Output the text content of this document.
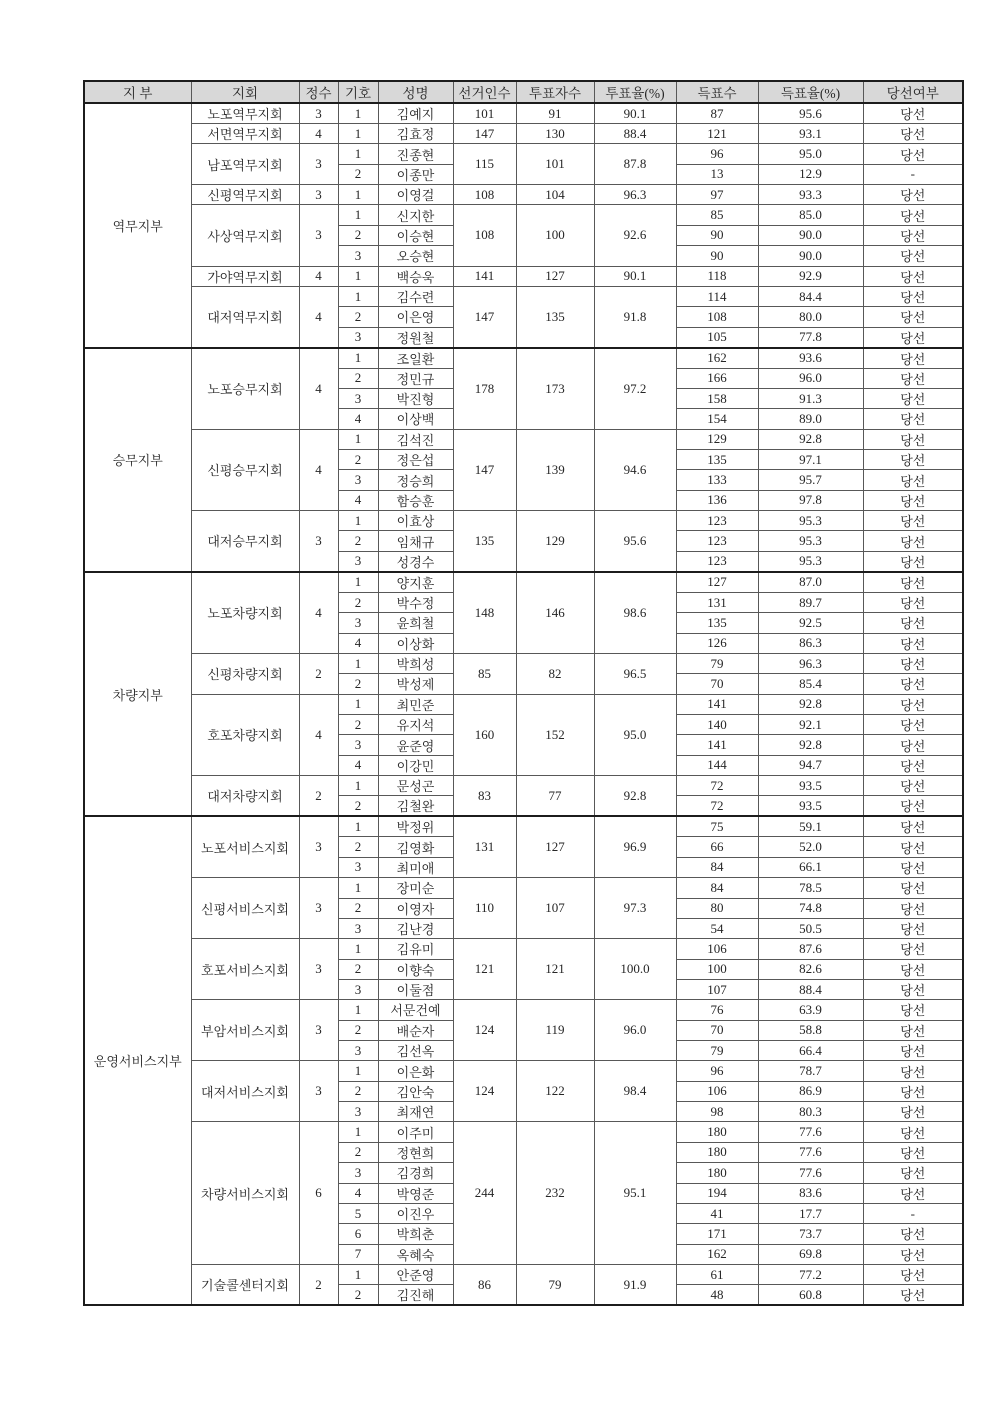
지 부	지회	정수	기호	성명	선거인수	투표자수	투표율(%)	득표수	득표율(%)	당선여부
역무지부	노포역무지회	3	1	김예지	101	91	90.1	87	95.6	당선
	서면역무지회	4	1	김효정	147	130	88.4	121	93.1	당선
	남포역무지회	3	1	진종현	115	101	87.8	96	95.0	당선
			2	이종만				13	12.9	-
	신평역무지회	3	1	이영걸	108	104	96.3	97	93.3	당선
	사상역무지회	3	1	신지한	108	100	92.6	85	85.0	당선
			2	이승현				90	90.0	당선
			3	오승현				90	90.0	당선
	가야역무지회	4	1	백승욱	141	127	90.1	118	92.9	당선
	대저역무지회	4	1	김수련	147	135	91.8	114	84.4	당선
			2	이은영				108	80.0	당선
			3	정원철				105	77.8	당선
승무지부	노포승무지회	4	1	조일환	178	173	97.2	162	93.6	당선
			2	정민규				166	96.0	당선
			3	박진형				158	91.3	당선
			4	이상백				154	89.0	당선
	신평승무지회	4	1	김석진	147	139	94.6	129	92.8	당선
			2	정은섭				135	97.1	당선
			3	정승희				133	95.7	당선
			4	함승훈				136	97.8	당선
	대저승무지회	3	1	이효상	135	129	95.6	123	95.3	당선
			2	임채규				123	95.3	당선
			3	성경수				123	95.3	당선
차량지부	노포차량지회	4	1	양지훈	148	146	98.6	127	87.0	당선
			2	박수정				131	89.7	당선
			3	윤희철				135	92.5	당선
			4	이상화				126	86.3	당선
	신평차량지회	2	1	박희성	85	82	96.5	79	96.3	당선
			2	박성제				70	85.4	당선
	호포차량지회	4	1	최민준	160	152	95.0	141	92.8	당선
			2	유지석				140	92.1	당선
			3	윤준영				141	92.8	당선
			4	이강민				144	94.7	당선
	대저차량지회	2	1	문성곤	83	77	92.8	72	93.5	당선
			2	김철완				72	93.5	당선
운영서비스지부	노포서비스지회	3	1	박정위	131	127	96.9	75	59.1	당선
			2	김영화				66	52.0	당선
			3	최미애				84	66.1	당선
	신평서비스지회	3	1	장미순	110	107	97.3	84	78.5	당선
			2	이영자				80	74.8	당선
			3	김난경				54	50.5	당선
	호포서비스지회	3	1	김유미	121	121	100.0	106	87.6	당선
			2	이향숙				100	82.6	당선
			3	이둘점				107	88.4	당선
	부암서비스지회	3	1	서문건예	124	119	96.0	76	63.9	당선
			2	배순자				70	58.8	당선
			3	김선옥				79	66.4	당선
	대저서비스지회	3	1	이은화	124	122	98.4	96	78.7	당선
			2	김안숙				106	86.9	당선
			3	최재연				98	80.3	당선
	차량서비스지회	6	1	이주미	244	232	95.1	180	77.6	당선
			2	정현희				180	77.6	당선
			3	김경희				180	77.6	당선
			4	박영준				194	83.6	당선
			5	이진우				41	17.7	-
			6	박희춘				171	73.7	당선
			7	옥혜숙				162	69.8	당선
	기술콜센터지회	2	1	안준영	86	79	91.9	61	77.2	당선
			2	김진해				48	60.8	당선
